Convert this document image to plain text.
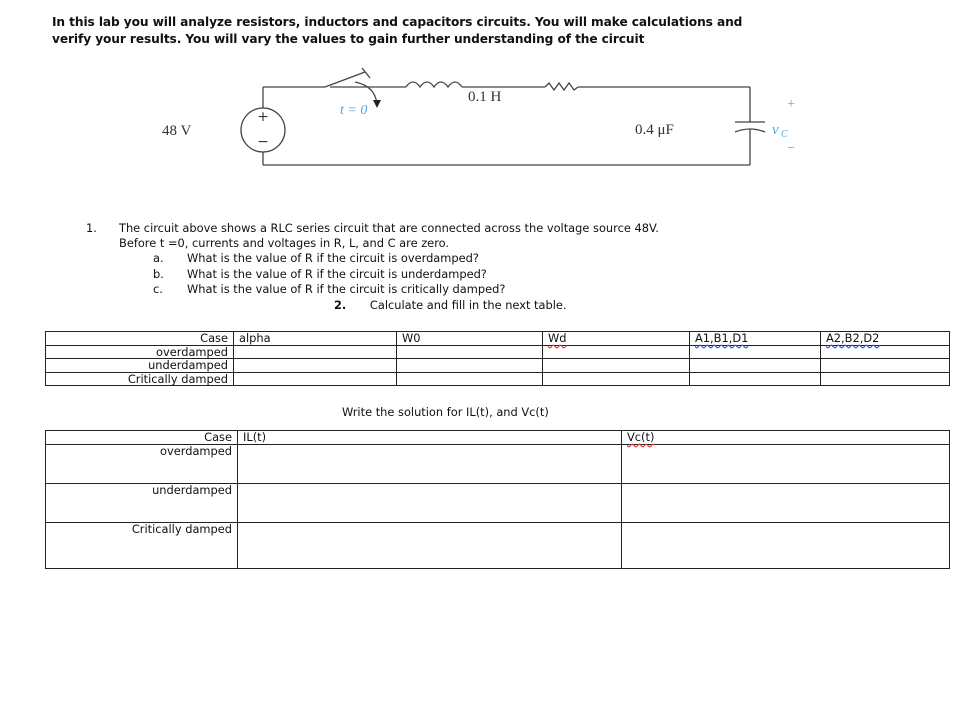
In this lab you will analyze resistors, inductors and capacitors circuits. You will make calculations and
verify your results. You will vary the values to gain further understanding of the circuit
+
−
48 V
t = 0
0.1 H
0.4 μF
+
v C
−
1. The circuit above shows a RLC series circuit that are connected across the voltage source 48V.
Before t =0, currents and voltages in R, L, and C are zero.
a. What is the value of R if the circuit is overdamped?
b. What is the value of R if the circuit is underdamped?
c. What is the value of R if the circuit is critically damped?
2. Calculate and fill in the next table.
Case	alpha	W0	Wd	A1,B1,D1	A2,B2,D2
overdamped					
underdamped					
Critically damped					
Write the solution for IL(t), and Vc(t)
Case	IL(t)	Vc(t)
overdamped		
underdamped		
Critically damped		
